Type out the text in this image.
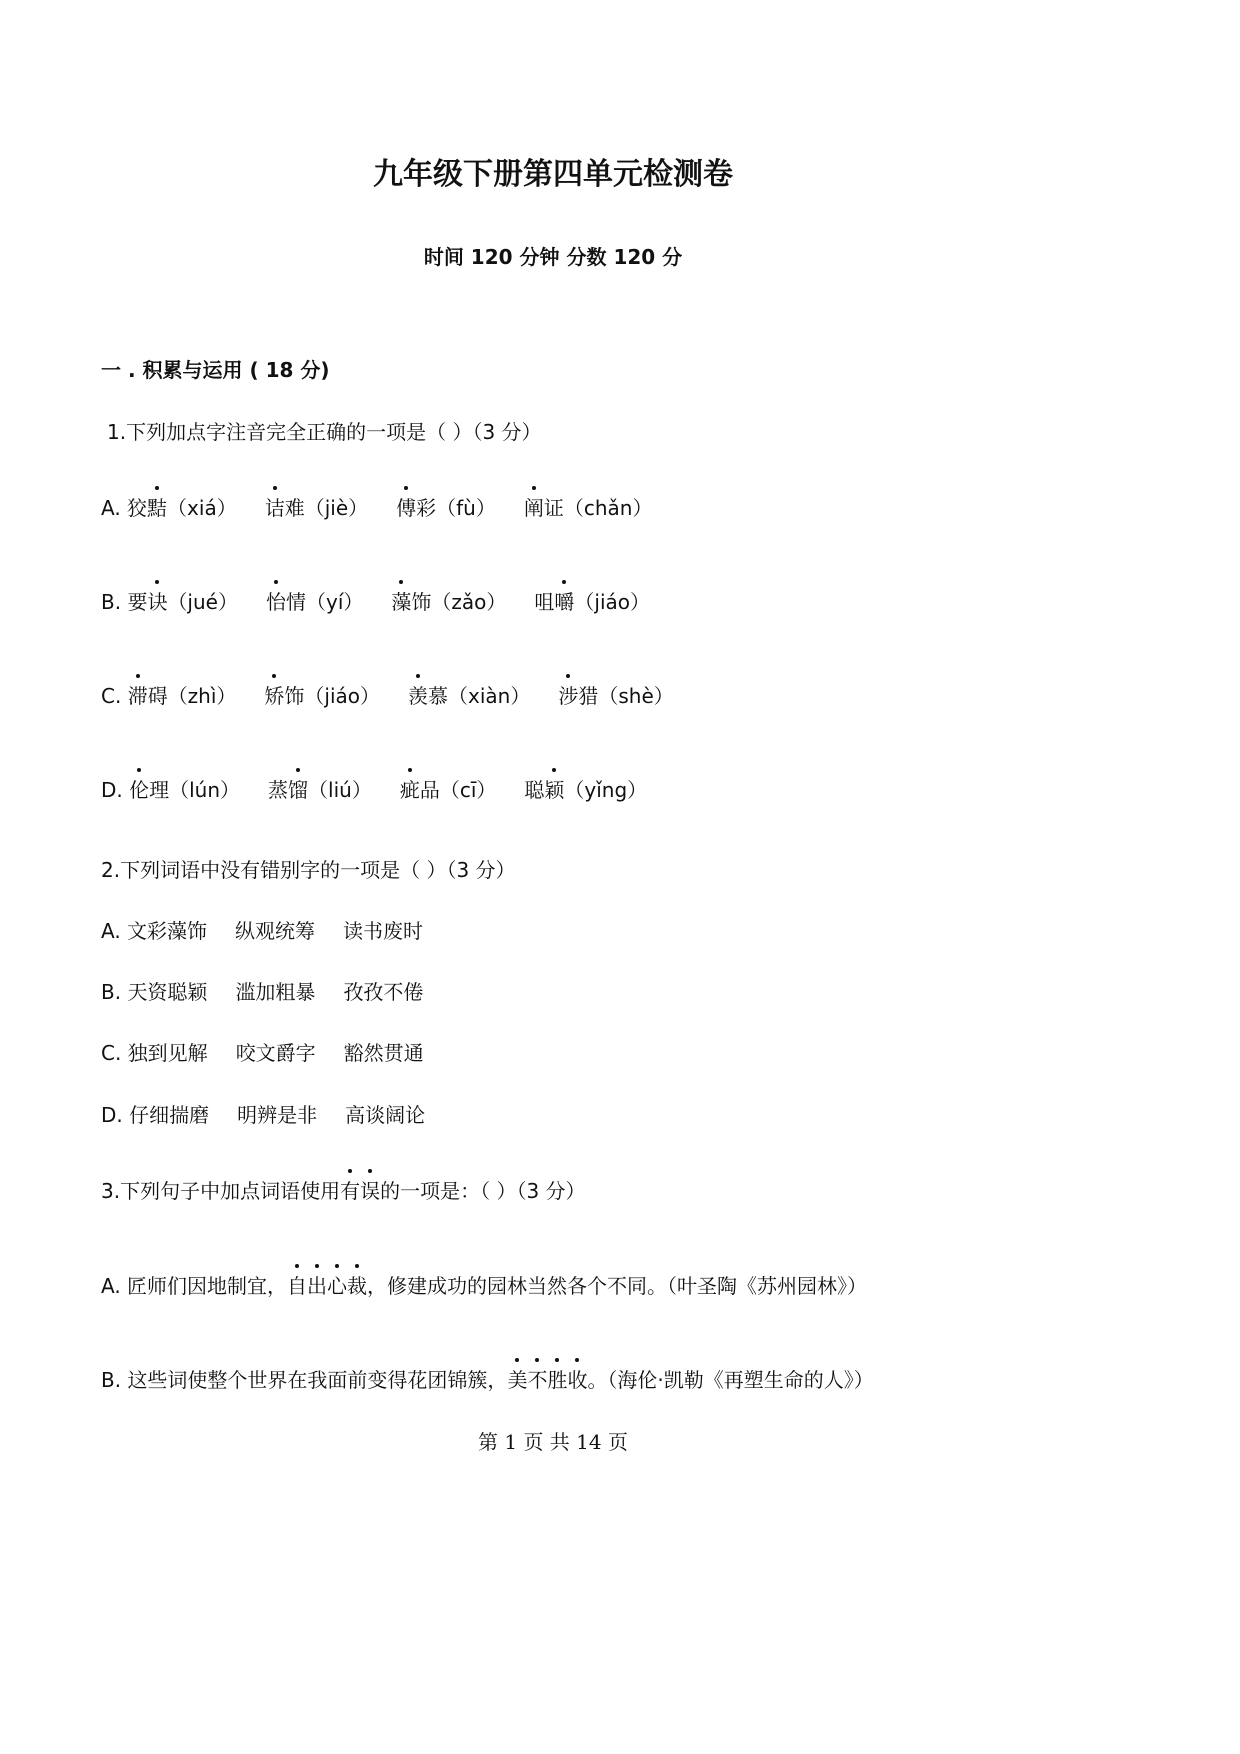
九年级下册第四单元检测卷
时间 120 分钟 分数 120 分
一 . 积累与运用 ( 18 分)
1.下列加点字注音完全正确的一项是（ ）（3 分）
2.下列词语中没有错别字的一项是（ ）（3 分）
3.下列句子中加点词语使用有误的一项是：（ ）（3 分）
第 1 页 共 14 页
A. 狡黠（xiá） 诘难（jiè） 傅彩（fù） 阐证（chǎn）
B. 要诀（jué） 怡情（yí） 藻饰（zǎo） 咀嚼（jiáo）
C. 滞碍（zhì） 矫饰（jiáo） 羡慕（xiàn） 涉猎（shè）
D. 伦理（lún） 蒸馏（liú） 疵品（cī） 聪颖（yǐng）
A. 文彩藻饰 纵观统筹 读书废时
B. 天资聪颖 滥加粗暴 孜孜不倦
C. 独到见解 咬文爵字 豁然贯通
D. 仔细揣磨 明辨是非 高谈阔论
A. 匠师们因地制宜，自出心裁，修建成功的园林当然各个不同。（叶圣陶《苏州园林》）
B. 这些词使整个世界在我面前变得花团锦簇，美不胜收。（海伦·凯勒《再塑生命的人》）
